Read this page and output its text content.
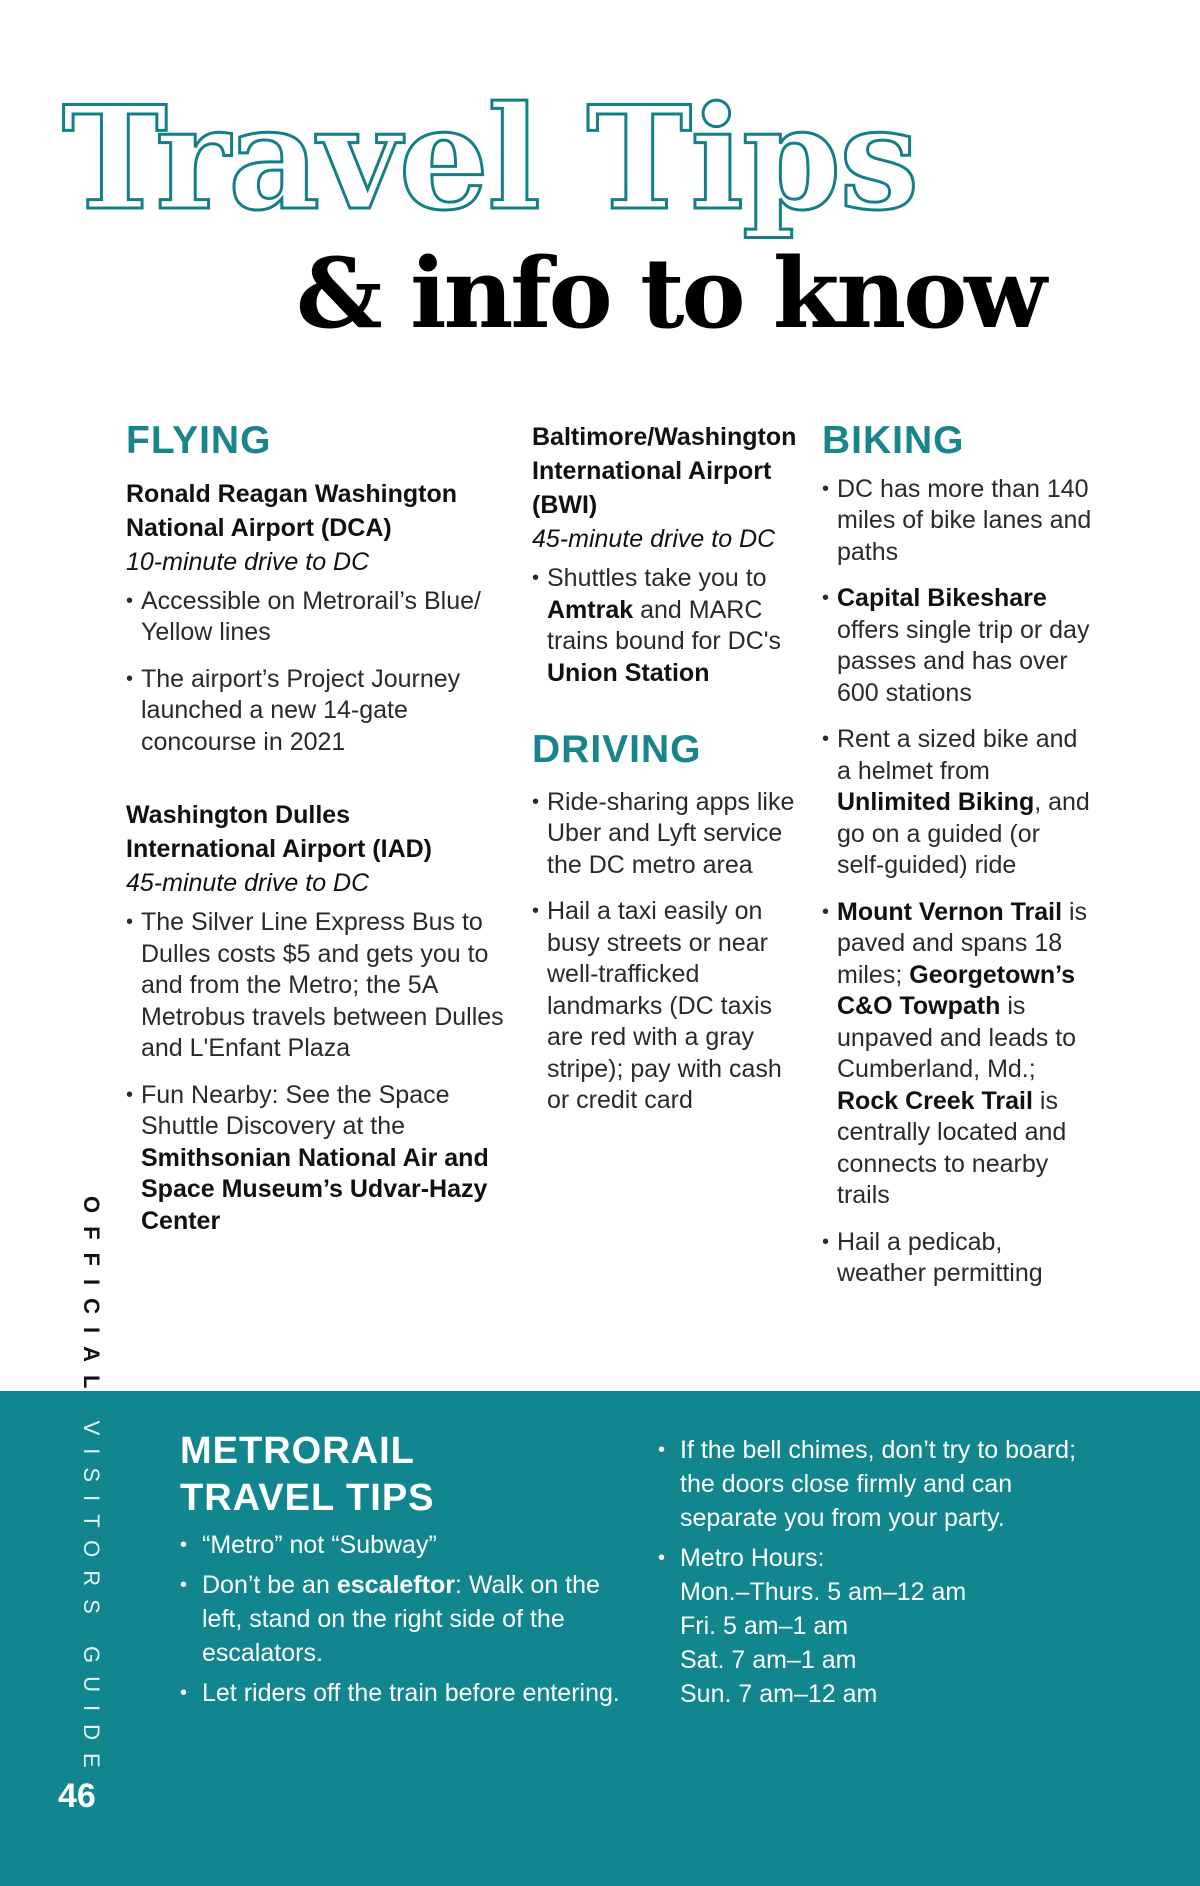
Travel Tips
& info to know
FLYING
Ronald Reagan Washington National Airport (DCA)
10-minute drive to DC
• Accessible on Metrorail’s Blue/ Yellow lines
• The airport’s Project Journey launched a new 14-gate concourse in 2021
Washington Dulles International Airport (IAD)
45-minute drive to DC
• The Silver Line Express Bus to Dulles costs $5 and gets you to and from the Metro; the 5A Metrobus travels between Dulles and L'Enfant Plaza
• Fun Nearby: See the Space Shuttle Discovery at the Smithsonian National Air and Space Museum’s Udvar-Hazy Center
Baltimore/Washington International Airport (BWI)
45-minute drive to DC
• Shuttles take you to Amtrak and MARC trains bound for DC's Union Station
DRIVING
• Ride-sharing apps like Uber and Lyft service the DC metro area
• Hail a taxi easily on busy streets or near well-trafficked landmarks (DC taxis are red with a gray stripe); pay with cash or credit card
BIKING
• DC has more than 140 miles of bike lanes and paths
• Capital Bikeshare offers single trip or day passes and has over 600 stations
• Rent a sized bike and a helmet from Unlimited Biking, and go on a guided (or self-guided) ride
• Mount Vernon Trail is paved and spans 18 miles; Georgetown’s C&O Towpath is unpaved and leads to Cumberland, Md.; Rock Creek Trail is centrally located and connects to nearby trails
• Hail a pedicab, weather permitting
OFFICIAL VISITORS GUIDE
46
METRORAIL
TRAVEL TIPS
• “Metro” not “Subway”
• Don’t be an escaleftor: Walk on the left, stand on the right side of the escalators.
• Let riders off the train before entering.
• If the bell chimes, don’t try to board; the doors close firmly and can separate you from your party.
• Metro Hours:
Mon.–Thurs. 5 am–12 am
Fri. 5 am–1 am
Sat. 7 am–1 am
Sun. 7 am–12 am
